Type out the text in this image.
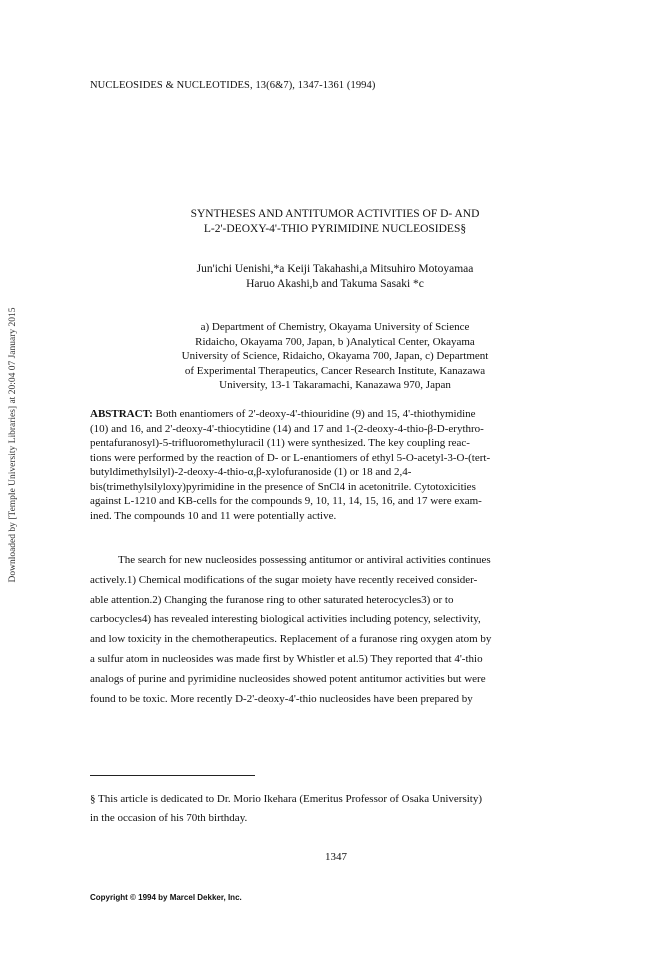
NUCLEOSIDES & NUCLEOTIDES, 13(6&7), 1347-1361 (1994)
Downloaded by [Temple University Libraries] at 20:04 07 January 2015
SYNTHESES AND ANTITUMOR ACTIVITIES OF D- AND
L-2'-DEOXY-4'-THIO PYRIMIDINE NUCLEOSIDES§
Jun'ichi Uenishi,*a Keiji Takahashi,a Mitsuhiro Motoyamaa
Haruo Akashi,b and Takuma Sasaki *c
a) Department of Chemistry, Okayama University of Science
Ridaicho, Okayama 700, Japan, b )Analytical Center, Okayama
University of Science, Ridaicho, Okayama 700, Japan, c) Department
of Experimental Therapeutics, Cancer Research Institute, Kanazawa
University, 13-1 Takaramachi, Kanazawa 970, Japan
ABSTRACT: Both enantiomers of 2'-deoxy-4'-thiouridine (9) and 15, 4'-thiothymidine
(10) and 16, and 2'-deoxy-4'-thiocytidine (14) and 17 and 1-(2-deoxy-4-thio-β-D-erythro-
pentafuranosyl)-5-trifluoromethyluracil (11) were synthesized. The key coupling reac-
tions were performed by the reaction of D- or L-enantiomers of ethyl 5-O-acetyl-3-O-(tert-
butyldimethylsilyl)-2-deoxy-4-thio-α,β-xylofuranoside (1) or 18 and 2,4-
bis(trimethylsilyloxy)pyrimidine in the presence of SnCl4 in acetonitrile. Cytotoxicities
against L-1210 and KB-cells for the compounds 9, 10, 11, 14, 15, 16, and 17 were exam-
ined. The compounds 10 and 11 were potentially active.
The search for new nucleosides possessing antitumor or antiviral activities continues
actively.1) Chemical modifications of the sugar moiety have recently received consider-
able attention.2) Changing the furanose ring to other saturated heterocycles3) or to
carbocycles4) has revealed interesting biological activities including potency, selectivity,
and low toxicity in the chemotherapeutics. Replacement of a furanose ring oxygen atom by
a sulfur atom in nucleosides was made first by Whistler et al.5) They reported that 4'-thio
analogs of purine and pyrimidine nucleosides showed potent antitumor activities but were
found to be toxic. More recently D-2'-deoxy-4'-thio nucleosides have been prepared by
§ This article is dedicated to Dr. Morio Ikehara (Emeritus Professor of Osaka University)
in the occasion of his 70th birthday.
1347
Copyright © 1994 by Marcel Dekker, Inc.
